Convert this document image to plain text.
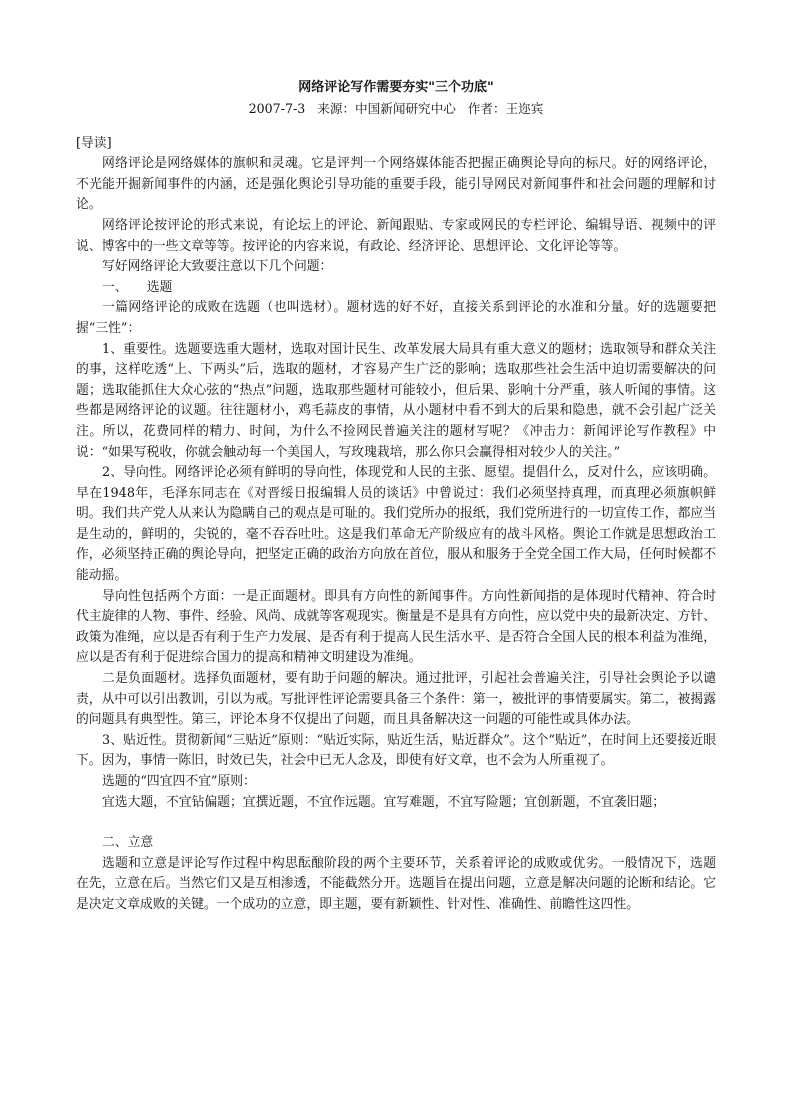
网络评论写作需要夯实"三个功底"
2007-7-3 来源：中国新闻研究中心 作者：王迩宾
[导读]

网络评论是网络媒体的旗帜和灵魂。它是评判一个网络媒体能否把握正确舆论导向的标尺。好的网络评论，不光能开掘新闻事件的内涵，还是强化舆论引导功能的重要手段，能引导网民对新闻事件和社会问题的理解和讨论。

网络评论按评论的形式来说，有论坛上的评论、新闻跟贴、专家或网民的专栏评论、编辑导语、视频中的评说、博客中的一些文章等等。按评论的内容来说，有政论、经济评论、思想评论、文化评论等等。

写好网络评论大致要注意以下几个问题：

一、　　选题

一篇网络评论的成败在选题（也叫选材）。题材选的好不好，直接关系到评论的水准和分量。好的选题要把握“三性”：

1、重要性。选题要选重大题材，选取对国计民生、改革发展大局具有重大意义的题材；选取领导和群众关注的事，这样吃透“上、下两头”后，选取的题材，才容易产生广泛的影响；选取那些社会生活中迫切需要解决的问题；选取能抓住大众心弦的“热点”问题，选取那些题材可能较小，但后果、影响十分严重，骇人听闻的事情。这些都是网络评论的议题。往往题材小，鸡毛蒜皮的事情，从小题材中看不到大的后果和隐患，就不会引起广泛关注。所以，花费同样的精力、时间，为什么不捡网民普遍关注的题材写呢？《冲击力：新闻评论写作教程》中说：“如果写税收，你就会触动每一个美国人，写玫瑰栽培，那么你只会赢得相对较少人的关注。”

2、导向性。网络评论必须有鲜明的导向性，体现党和人民的主张、愿望。提倡什么，反对什么，应该明确。早在1948年，毛泽东同志在《对晋绥日报编辑人员的谈话》中曾说过：我们必须坚持真理，而真理必须旗帜鲜明。我们共产党人从来认为隐瞒自己的观点是可耻的。我们党所办的报纸，我们党所进行的一切宣传工作，都应当是生动的，鲜明的，尖锐的，毫不吞吞吐吐。这是我们革命无产阶级应有的战斗风格。舆论工作就是思想政治工作，必须坚持正确的舆论导向，把坚定正确的政治方向放在首位，服从和服务于全党全国工作大局，任何时候都不能动摇。

导向性包括两个方面：一是正面题材。即具有方向性的新闻事件。方向性新闻指的是体现时代精神、符合时代主旋律的人物、事件、经验、风尚、成就等客观现实。衡量是不是具有方向性，应以党中央的最新决定、方针、政策为准绳，应以是否有利于生产力发展、是否有利于提高人民生活水平、是否符合全国人民的根本利益为准绳，应以是否有利于促进综合国力的提高和精神文明建设为准绳。

二是负面题材。选择负面题材，要有助于问题的解决。通过批评，引起社会普遍关注，引导社会舆论予以谴责，从中可以引出教训，引以为戒。写批评性评论需要具备三个条件：第一，被批评的事情要属实。第二，被揭露的问题具有典型性。第三，评论本身不仅提出了问题，而且具备解决这一问题的可能性或具体办法。

3、贴近性。贯彻新闻“三贴近”原则：“贴近实际，贴近生活，贴近群众”。这个“贴近”，在时间上还要接近眼下。因为，事情一陈旧，时效已失，社会中已无人念及，即使有好文章，也不会为人所重视了。

选题的“四宜四不宜”原则：

宜选大题，不宜钻偏题；宜撰近题，不宜作远题。宜写难题，不宜写险题；宜创新题，不宜袭旧题；

二、立意

选题和立意是评论写作过程中构思酝酿阶段的两个主要环节，关系着评论的成败或优劣。一般情况下，选题在先，立意在后。当然它们又是互相渗透，不能截然分开。选题旨在提出问题，立意是解决问题的论断和结论。它是决定文章成败的关键。一个成功的立意，即主题，要有新颖性、针对性、准确性、前瞻性这四性。
